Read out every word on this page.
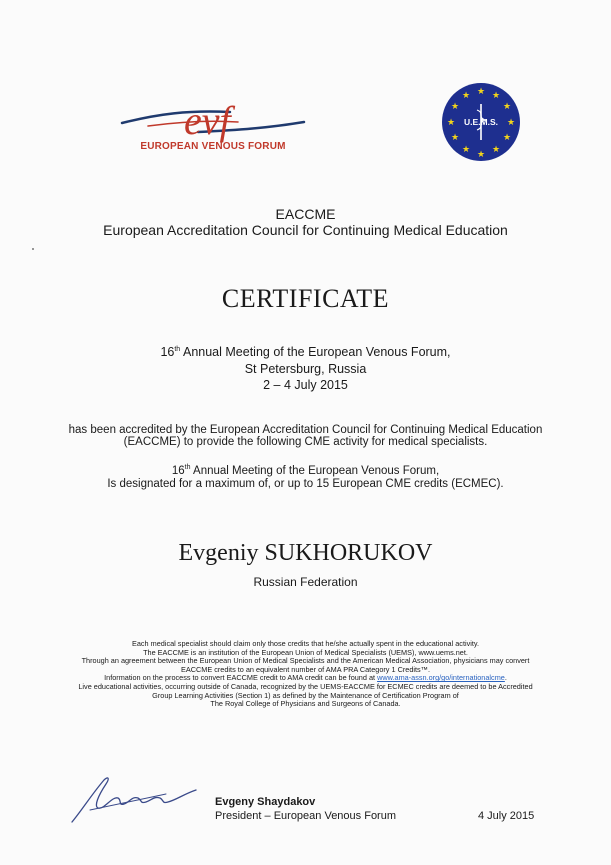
evf
EUROPEAN VENOUS FORUM
★ ★
★
★
★
★
★
★
★
★
★
★
U.E.M.S.
EACCME
European Accreditation Council for Continuing Medical Education
CERTIFICATE
16th Annual Meeting of the European Venous Forum,
St Petersburg, Russia
2 – 4 July 2015
has been accredited by the European Accreditation Council for Continuing Medical Education
(EACCME) to provide the following CME activity for medical specialists.
16th Annual Meeting of the European Venous Forum,
Is designated for a maximum of, or up to 15 European CME credits (ECMEC).
Evgeniy SUKHORUKOV
Russian Federation
Each medical specialist should claim only those credits that he/she actually spent in the educational activity.
The EACCME is an institution of the European Union of Medical Specialists (UEMS), www.uems.net.
Through an agreement between the European Union of Medical Specialists and the American Medical Association, physicians may convert
EACCME credits to an equivalent number of AMA PRA Category 1 Credits™.
Information on the process to convert EACCME credit to AMA credit can be found at www.ama-assn.org/go/internationalcme.
Live educational activities, occurring outside of Canada, recognized by the UEMS-EACCME for ECMEC credits are deemed to be Accredited
Group Learning Activities (Section 1) as defined by the Maintenance of Certification Program of
The Royal College of Physicians and Surgeons of Canada.
Evgeny Shaydakov
President – European Venous Forum	4 July 2015
